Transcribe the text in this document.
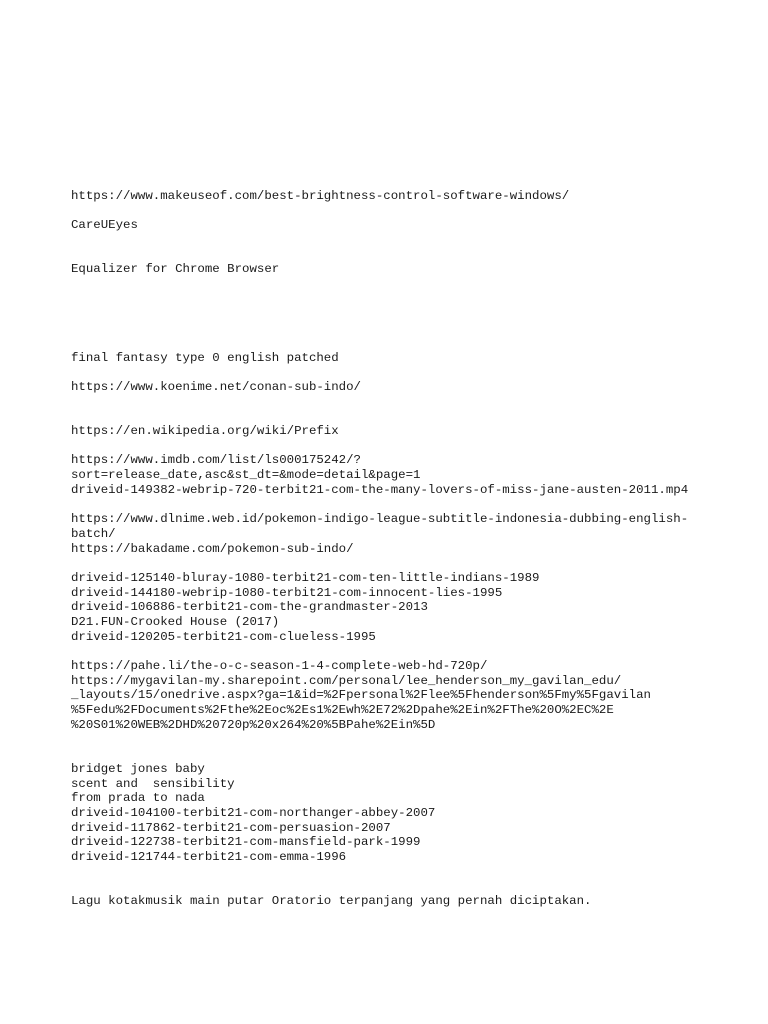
https://www.makeuseof.com/best-brightness-control-software-windows/
CareUEyes
Equalizer for Chrome Browser
final fantasy type 0 english patched
https://www.koenime.net/conan-sub-indo/
https://en.wikipedia.org/wiki/Prefix
https://www.imdb.com/list/ls000175242/?
sort=release_date,asc&st_dt=&mode=detail&page=1
driveid-149382-webrip-720-terbit21-com-the-many-lovers-of-miss-jane-austen-2011.mp4
https://www.dlnime.web.id/pokemon-indigo-league-subtitle-indonesia-dubbing-english-
batch/
https://bakadame.com/pokemon-sub-indo/
driveid-125140-bluray-1080-terbit21-com-ten-little-indians-1989
driveid-144180-webrip-1080-terbit21-com-innocent-lies-1995
driveid-106886-terbit21-com-the-grandmaster-2013
D21.FUN-Crooked House (2017)
driveid-120205-terbit21-com-clueless-1995
https://pahe.li/the-o-c-season-1-4-complete-web-hd-720p/
https://mygavilan-my.sharepoint.com/personal/lee_henderson_my_gavilan_edu/
_layouts/15/onedrive.aspx?ga=1&id=%2Fpersonal%2Flee%5Fhenderson%5Fmy%5Fgavilan
%5Fedu%2FDocuments%2Fthe%2Eoc%2Es1%2Ewh%2E72%2Dpahe%2Ein%2FThe%20O%2EC%2E
%20S01%20WEB%2DHD%20720p%20x264%20%5BPahe%2Ein%5D
bridget jones baby
scent and  sensibility
from prada to nada
driveid-104100-terbit21-com-northanger-abbey-2007
driveid-117862-terbit21-com-persuasion-2007
driveid-122738-terbit21-com-mansfield-park-1999
driveid-121744-terbit21-com-emma-1996
Lagu kotakmusik main putar Oratorio terpanjang yang pernah diciptakan.
